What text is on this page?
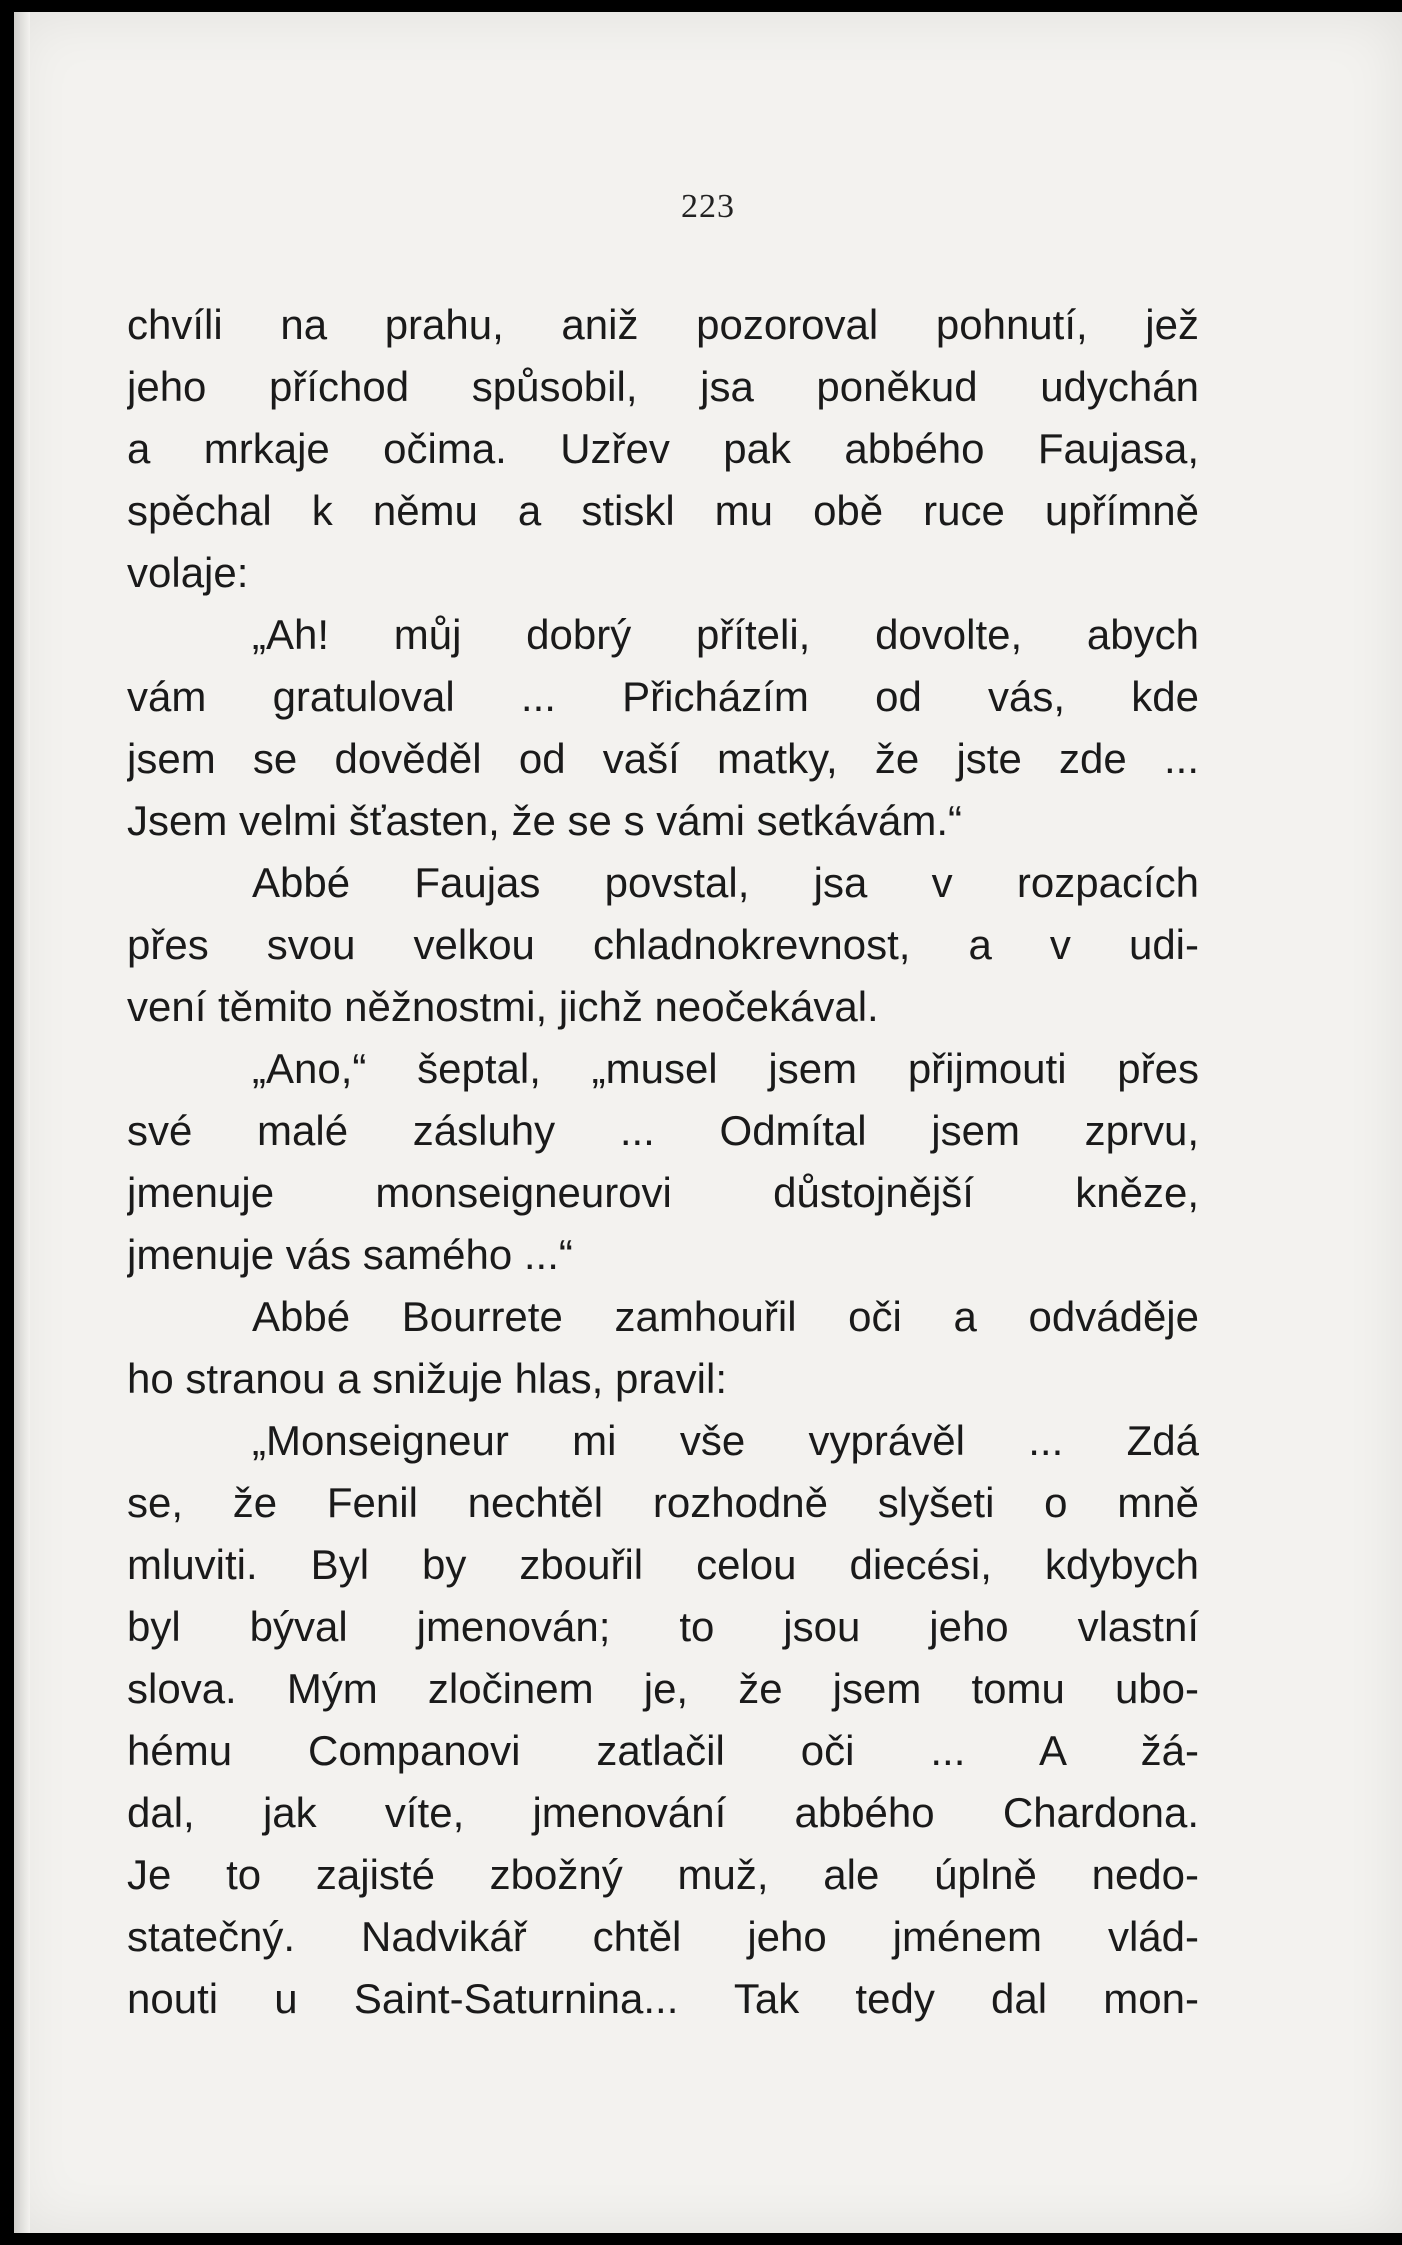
223
chvíli na prahu, aniž pozoroval pohnutí, jež
jeho příchod spůsobil, jsa poněkud udychán
a mrkaje očima. Uzřev pak abbého Faujasa,
spěchal k němu a stiskl mu obě ruce upřímně
volaje:
„Ah! můj dobrý příteli, dovolte, abych
vám gratuloval ... Přicházím od vás, kde
jsem se dověděl od vaší matky, že jste zde ...
Jsem velmi šťasten, že se s vámi setkávám.“
Abbé Faujas povstal, jsa v rozpacích
přes svou velkou chladnokrevnost, a v udi-
vení těmito něžnostmi, jichž neočekával.
„Ano,“ šeptal, „musel jsem přijmouti přes
své malé zásluhy ... Odmítal jsem zprvu,
jmenuje monseigneurovi důstojnější kněze,
jmenuje vás samého ...“
Abbé Bourrete zamhouřil oči a odváděje
ho stranou a snižuje hlas, pravil:
„Monseigneur mi vše vyprávěl ... Zdá
se, že Fenil nechtěl rozhodně slyšeti o mně
mluviti. Byl by zbouřil celou diecési, kdybych
byl býval jmenován; to jsou jeho vlastní
slova. Mým zločinem je, že jsem tomu ubo-
hému Companovi zatlačil oči ... A žá-
dal, jak víte, jmenování abbého Chardona.
Je to zajisté zbožný muž, ale úplně nedo-
statečný. Nadvikář chtěl jeho jménem vlád-
nouti u Saint-Saturnina... Tak tedy dal mon-
